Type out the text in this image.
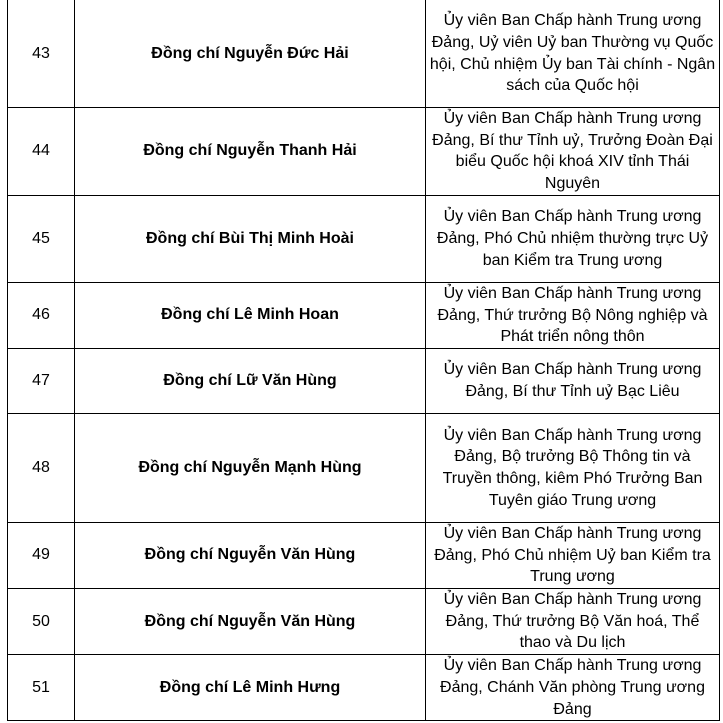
43	Đồng chí Nguyễn Đức Hải	Ủy viên Ban Chấp hành Trung ương Đảng, Uỷ viên Uỷ ban Thường vụ Quốc hội, Chủ nhiệm Ủy ban Tài chính - Ngân sách của Quốc hội
44	Đồng chí Nguyễn Thanh Hải	Ủy viên Ban Chấp hành Trung ương Đảng, Bí thư Tỉnh uỷ, Trưởng Đoàn Đại biểu Quốc hội khoá XIV tỉnh Thái Nguyên
45	Đồng chí Bùi Thị Minh Hoài	Ủy viên Ban Chấp hành Trung ương Đảng, Phó Chủ nhiệm thường trực Uỷ ban Kiểm tra Trung ương
46	Đồng chí Lê Minh Hoan	Ủy viên Ban Chấp hành Trung ương Đảng, Thứ trưởng Bộ Nông nghiệp và Phát triển nông thôn
47	Đồng chí Lữ Văn Hùng	Ủy viên Ban Chấp hành Trung ương Đảng, Bí thư Tỉnh uỷ Bạc Liêu
48	Đồng chí Nguyễn Mạnh Hùng	Ủy viên Ban Chấp hành Trung ương Đảng, Bộ trưởng Bộ Thông tin và Truyền thông, kiêm Phó Trưởng Ban Tuyên giáo Trung ương
49	Đồng chí Nguyễn Văn Hùng	Ủy viên Ban Chấp hành Trung ương Đảng, Phó Chủ nhiệm Uỷ ban Kiểm tra Trung ương
50	Đồng chí Nguyễn Văn Hùng	Ủy viên Ban Chấp hành Trung ương Đảng, Thứ trưởng Bộ Văn hoá, Thể thao và Du lịch
51	Đồng chí Lê Minh Hưng	Ủy viên Ban Chấp hành Trung ương Đảng, Chánh Văn phòng Trung ương Đảng
